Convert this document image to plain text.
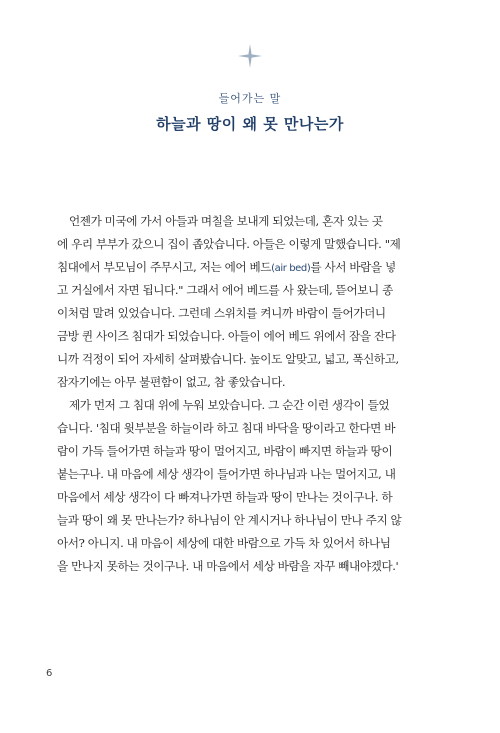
들어가는 말
하늘과 땅이 왜 못 만나는가
언젠가 미국에 가서 아들과 며칠을 보내게 되었는데, 혼자 있는 곳
에 우리 부부가 갔으니 집이 좁았습니다. 아들은 이렇게 말했습니다. "제
침대에서 부모님이 주무시고, 저는 에어 베드(air bed)를 사서 바람을 넣
고 거실에서 자면 됩니다." 그래서 에어 베드를 사 왔는데, 뜯어보니 종
이처럼 말려 있었습니다. 그런데 스위치를 켜니까 바람이 들어가더니
금방 퀸 사이즈 침대가 되었습니다. 아들이 에어 베드 위에서 잠을 잔다
니까 걱정이 되어 자세히 살펴봤습니다. 높이도 알맞고, 넓고, 푹신하고,
잠자기에는 아무 불편함이 없고, 참 좋았습니다.
제가 먼저 그 침대 위에 누워 보았습니다. 그 순간 이런 생각이 들었
습니다. '침대 윗부분을 하늘이라 하고 침대 바닥을 땅이라고 한다면 바
람이 가득 들어가면 하늘과 땅이 멀어지고, 바람이 빠지면 하늘과 땅이
붙는구나. 내 마음에 세상 생각이 들어가면 하나님과 나는 멀어지고, 내
마음에서 세상 생각이 다 빠져나가면 하늘과 땅이 만나는 것이구나. 하
늘과 땅이 왜 못 만나는가? 하나님이 안 계시거나 하나님이 만나 주지 않
아서? 아니지. 내 마음이 세상에 대한 바람으로 가득 차 있어서 하나님
을 만나지 못하는 것이구나. 내 마음에서 세상 바람을 자꾸 빼내야겠다.'
6
